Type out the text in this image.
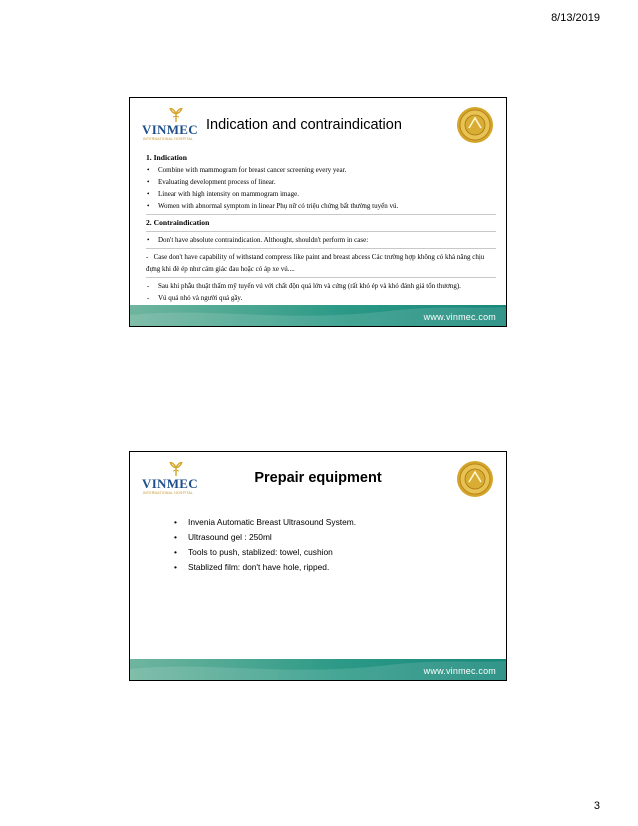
8/13/2019
VINMEC
INTERNATIONAL HOSPITAL
Indication and contraindication
1. Indication
• Combine with mammogram for breast cancer screening every year.
• Evaluating development process of linear.
• Linear with high intensity on mammogram image.
• Women with abnormal symptom in linear Phụ nữ có triệu chứng bất thường tuyến vú.
2. Contraindication
• Don't have absolute contraindication. Althought, shouldn't perform in case:
-   Case don't have capability of withstand compress like paint and breast abcess Các trường hợp không có khả năng chịu đựng khi đè ép như cảm giác đau hoặc có áp xe vú....
- Sau khi phẫu thuật thẩm mỹ tuyến vú với chất độn quá lớn và cứng (rất khó ép và khó đánh giá tổn thương).
- Vú quá nhỏ và người quá gầy.
www.vinmec.com
VINMEC
INTERNATIONAL HOSPITAL
Prepair equipment
• Invenia Automatic Breast Ultrasound System.
• Ultrasound gel : 250ml
• Tools to push, stablized: towel, cushion
• Stablized film: don't have hole, ripped.
www.vinmec.com
3
